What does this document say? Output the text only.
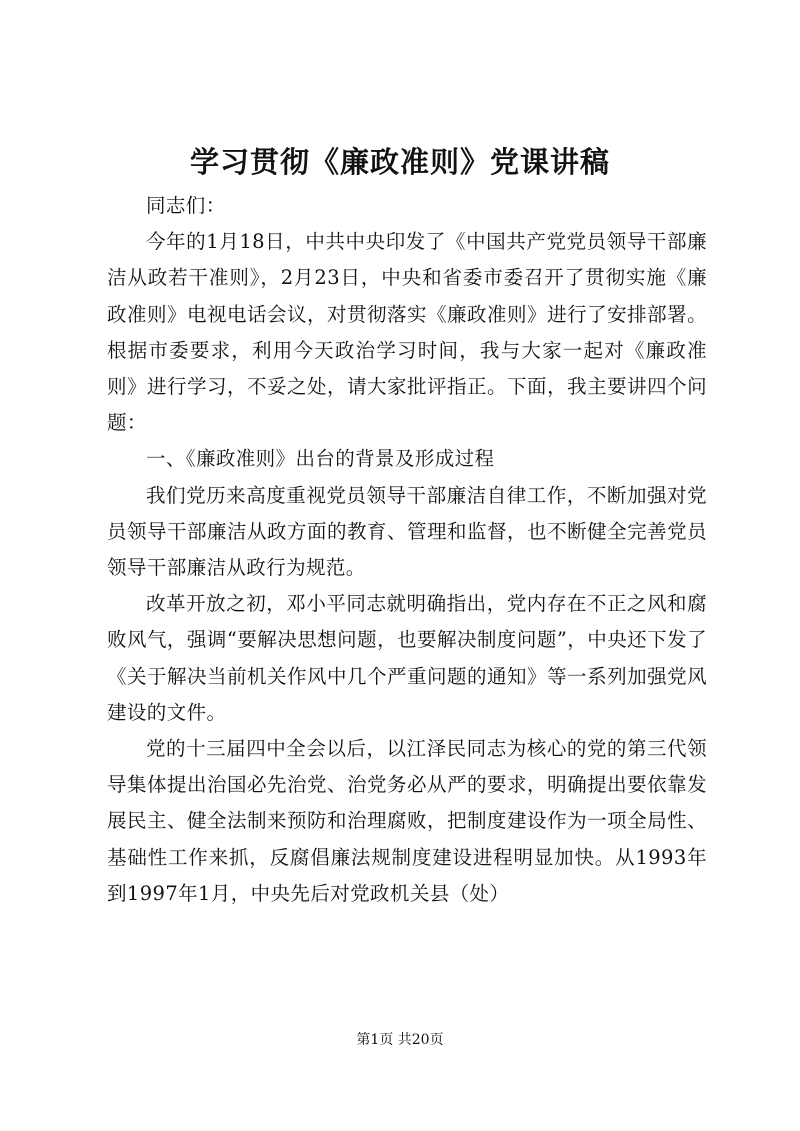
学习贯彻《廉政准则》党课讲稿

同志们：

今年的1月18日，中共中央印发了《中国共产党党员领导干部廉洁从政若干准则》，2月23日，中央和省委市委召开了贯彻实施《廉政准则》电视电话会议，对贯彻落实《廉政准则》进行了安排部署。根据市委要求，利用今天政治学习时间，我与大家一起对《廉政准则》进行学习，不妥之处，请大家批评指正。下面，我主要讲四个问题：

一、《廉政准则》出台的背景及形成过程

我们党历来高度重视党员领导干部廉洁自律工作，不断加强对党员领导干部廉洁从政方面的教育、管理和监督，也不断健全完善党员领导干部廉洁从政行为规范。

改革开放之初，邓小平同志就明确指出，党内存在不正之风和腐败风气，强调“要解决思想问题，也要解决制度问题”，中央还下发了《关于解决当前机关作风中几个严重问题的通知》等一系列加强党风建设的文件。

党的十三届四中全会以后，以江泽民同志为核心的党的第三代领导集体提出治国必先治党、治党务必从严的要求，明确提出要依靠发展民主、健全法制来预防和治理腐败，把制度建设作为一项全局性、基础性工作来抓，反腐倡廉法规制度建设进程明显加快。从1993年到1997年1月，中央先后对党政机关县（处）

第1页 共20页
